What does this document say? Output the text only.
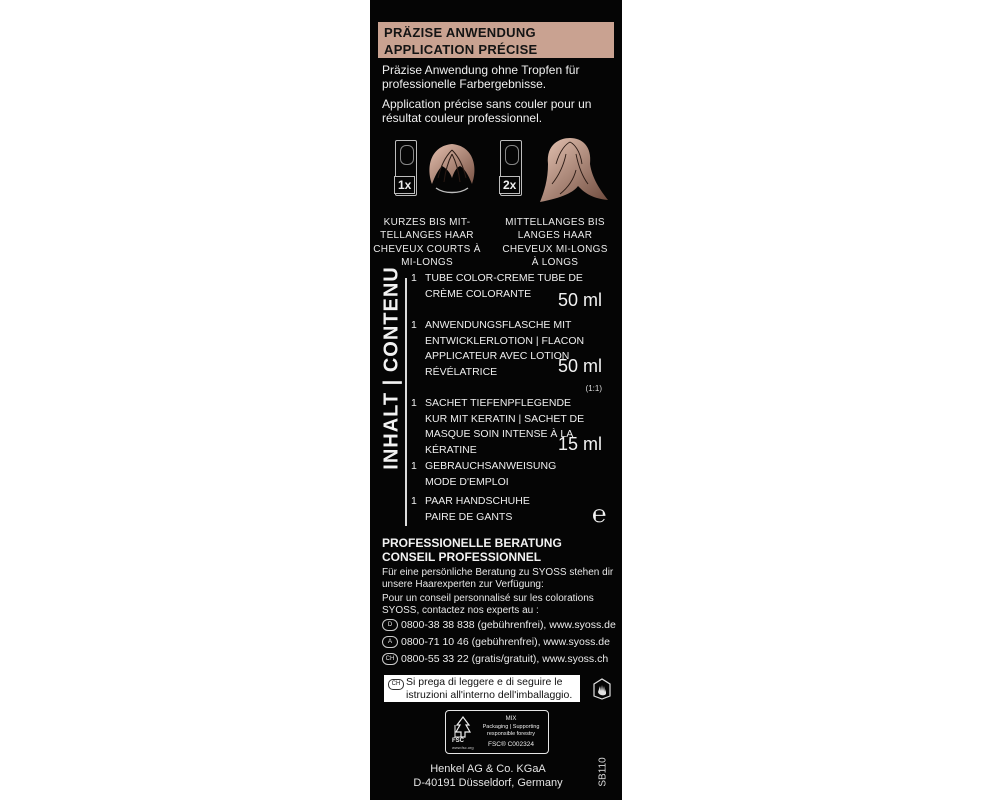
PRÄZISE ANWENDUNG
APPLICATION PRÉCISE
Präzise Anwendung ohne Tropfen für professionelle Farbergebnisse.
Application précise sans couler pour un résultat couleur professionnel.
1x	2x
KURZES BIS MIT-TELLANGES HAAR
CHEVEUX COURTS À MI-LONGS
MITTELLANGES BIS LANGES HAAR
CHEVEUX MI-LONGS À LONGS
INHALT | CONTENU 1 TUBE COLOR-CREME TUBE DE CRÈME COLORANTE	50 ml
1 ANWENDUNGSFLASCHE MIT ENTWICKLERLOTION | FLACON APPLICATEUR AVEC LOTION RÉVÉLATRICE	50 ml
(1:1)
1 SACHET TIEFENPFLEGENDE KUR MIT KERATIN | SACHET DE MASQUE SOIN INTENSE À LA KÉRATINE	15 ml
1 GEBRAUCHSANWEISUNG MODE D'EMPLOI
1 PAAR HANDSCHUHE PAIRE DE GANTS	℮
PROFESSIONELLE BERATUNG
CONSEIL PROFESSIONNEL
Für eine persönliche Beratung zu SYOSS stehen dir unsere Haarexperten zur Verfügung:
Pour un conseil personnalisé sur les colorations SYOSS, contactez nos experts au :
D 0800-38 38 838 (gebührenfrei), www.syoss.de
A 0800-71 10 46 (gebührenfrei), www.syoss.de
CH 0800-55 33 22 (gratis/gratuit), www.syoss.ch
CH Si prega di leggere e di seguire le istruzioni all'interno dell'imballaggio.
FSC
www.fsc.org
MIX
Packaging | Supporting responsible forestry
FSC® C002324
Henkel AG & Co. KGaA
D-40191 Düsseldorf, Germany	SB110
